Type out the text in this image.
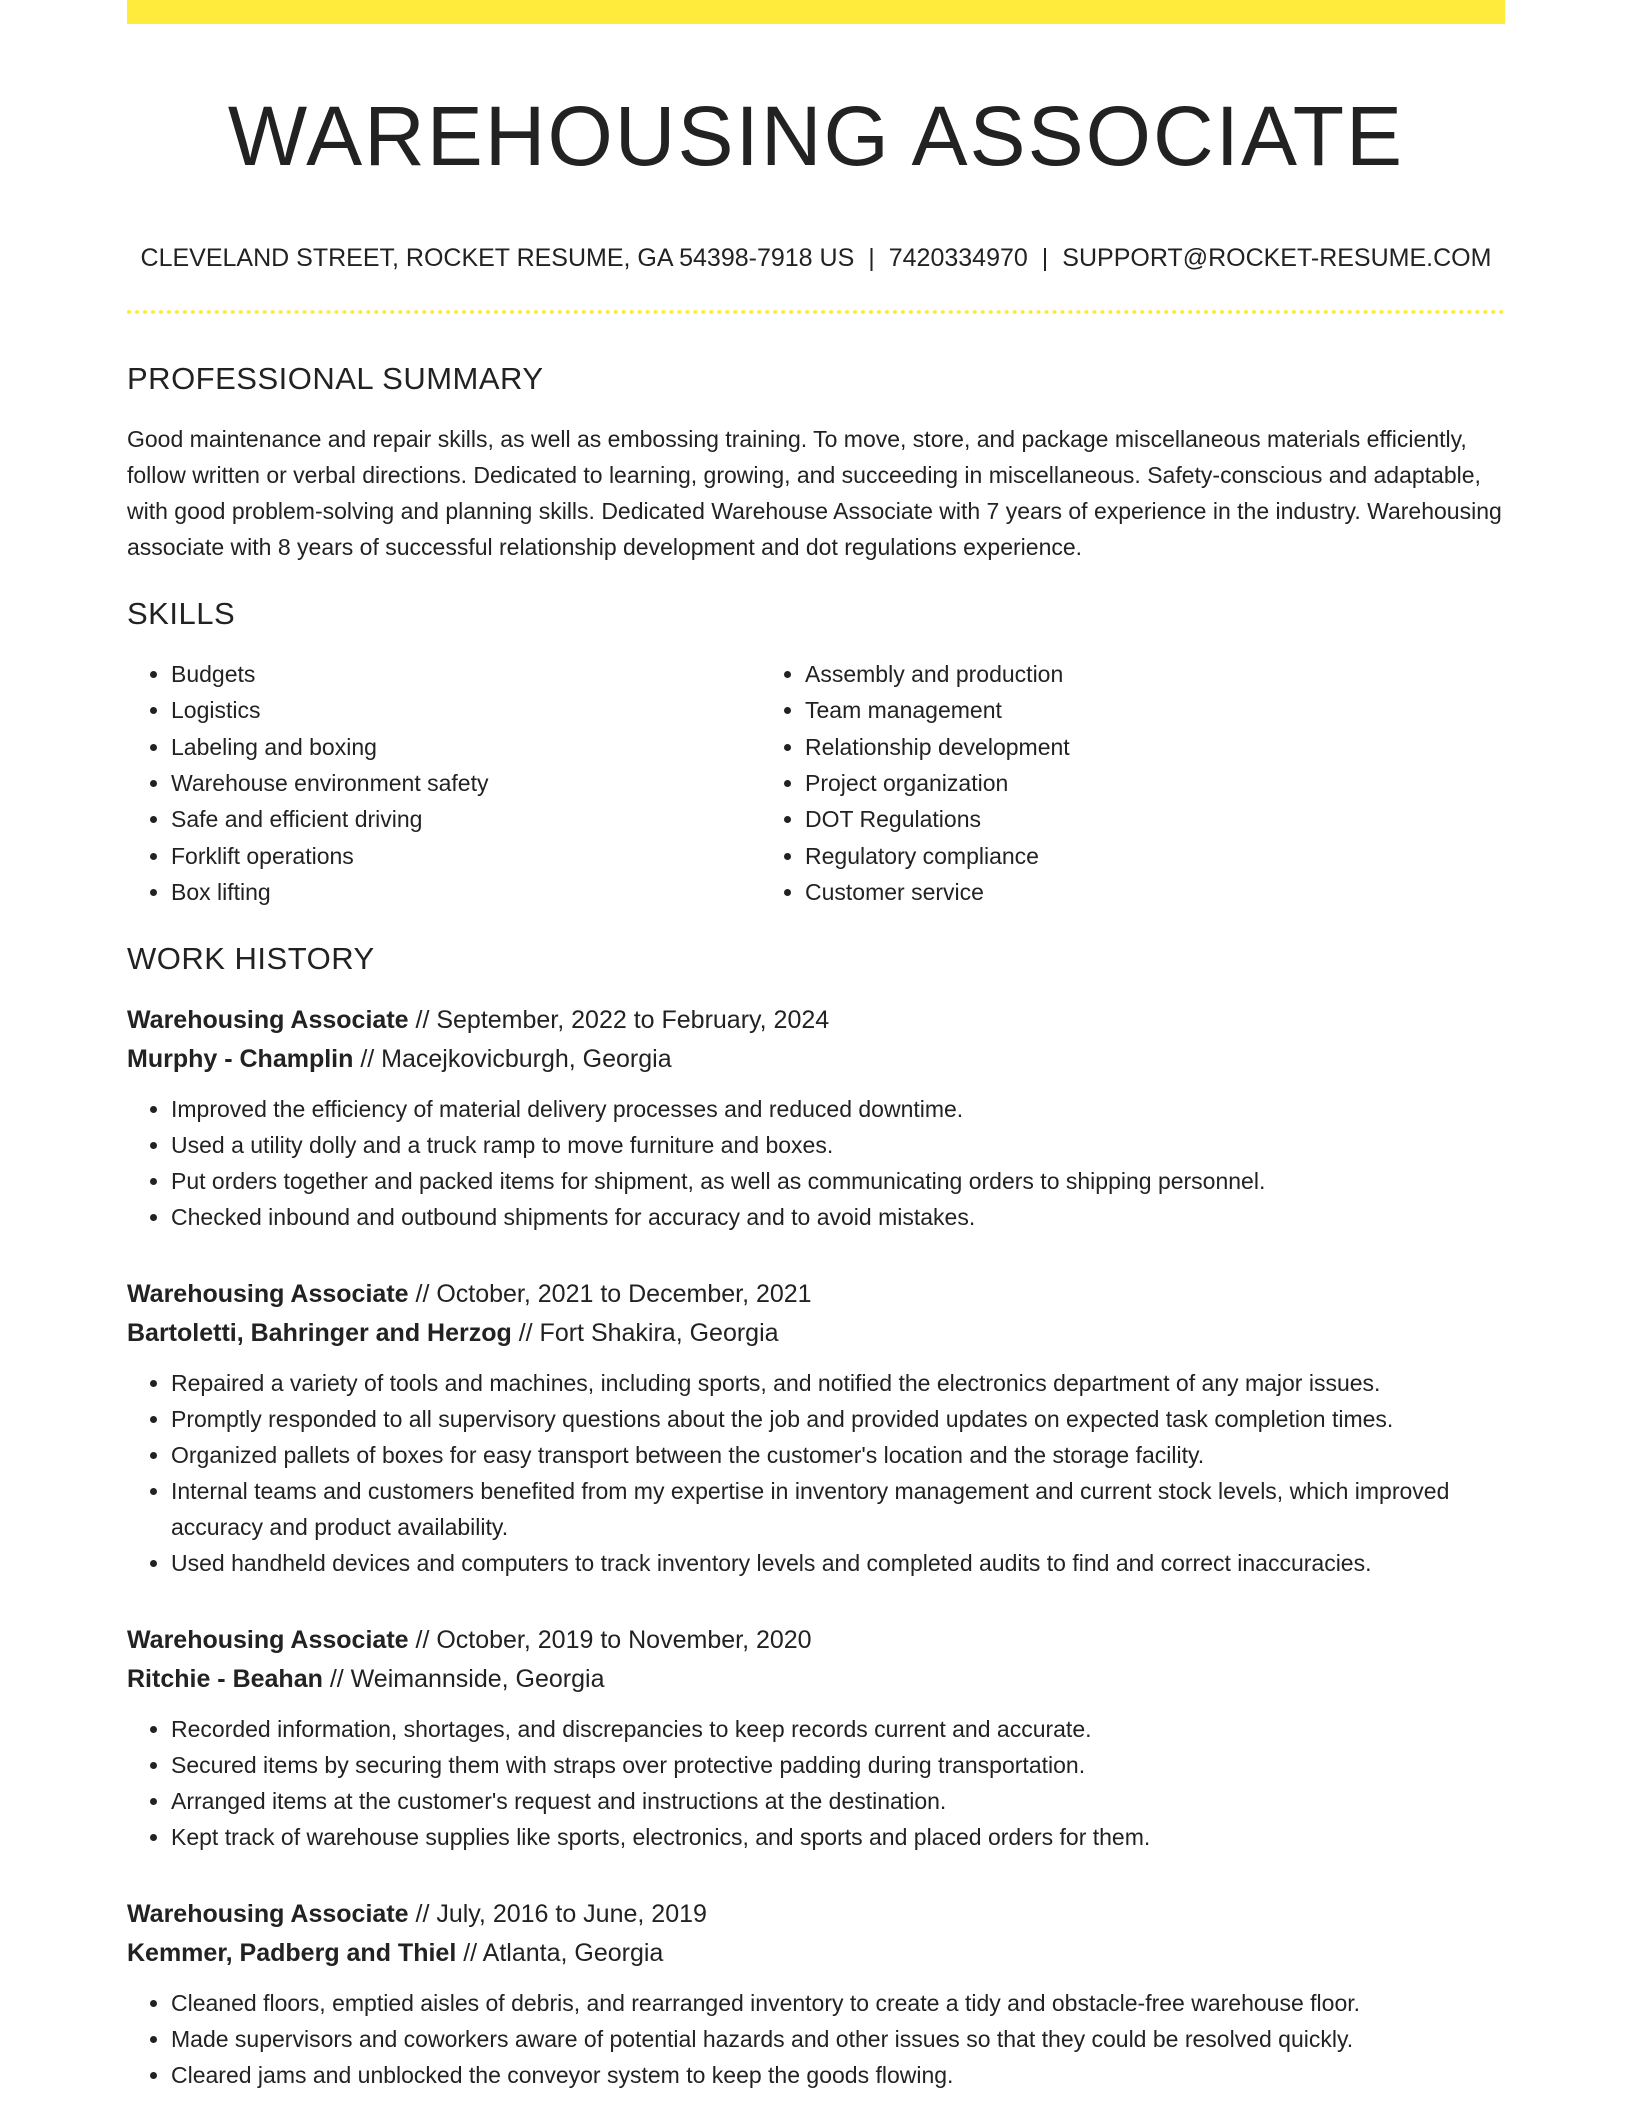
WAREHOUSING ASSOCIATE
CLEVELAND STREET, ROCKET RESUME, GA 54398-7918 US | 7420334970 | SUPPORT@ROCKET-RESUME.COM
PROFESSIONAL SUMMARY

Good maintenance and repair skills, as well as embossing training. To move, store, and package miscellaneous materials efficiently, follow written or verbal directions. Dedicated to learning, growing, and succeeding in miscellaneous. Safety-conscious and adaptable, with good problem-solving and planning skills. Dedicated Warehouse Associate with 7 years of experience in the industry. Warehousing associate with 8 years of successful relationship development and dot regulations experience.

SKILLS
• Budgets
• Logistics
• Labeling and boxing
• Warehouse environment safety
• Safe and efficient driving
• Forklift operations
• Box lifting
• Assembly and production
• Team management
• Relationship development
• Project organization
• DOT Regulations
• Regulatory compliance
• Customer service
WORK HISTORY
Warehousing Associate // September, 2022 to February, 2024
Murphy - Champlin // Macejkovicburgh, Georgia
• Improved the efficiency of material delivery processes and reduced downtime.
• Used a utility dolly and a truck ramp to move furniture and boxes.
• Put orders together and packed items for shipment, as well as communicating orders to shipping personnel.
• Checked inbound and outbound shipments for accuracy and to avoid mistakes.
Warehousing Associate // October, 2021 to December, 2021
Bartoletti, Bahringer and Herzog // Fort Shakira, Georgia
• Repaired a variety of tools and machines, including sports, and notified the electronics department of any major issues.
• Promptly responded to all supervisory questions about the job and provided updates on expected task completion times.
• Organized pallets of boxes for easy transport between the customer's location and the storage facility.
• Internal teams and customers benefited from my expertise in inventory management and current stock levels, which improved accuracy and product availability.
• Used handheld devices and computers to track inventory levels and completed audits to find and correct inaccuracies.
Warehousing Associate // October, 2019 to November, 2020
Ritchie - Beahan // Weimannside, Georgia
• Recorded information, shortages, and discrepancies to keep records current and accurate.
• Secured items by securing them with straps over protective padding during transportation.
• Arranged items at the customer's request and instructions at the destination.
• Kept track of warehouse supplies like sports, electronics, and sports and placed orders for them.
Warehousing Associate // July, 2016 to June, 2019
Kemmer, Padberg and Thiel // Atlanta, Georgia
• Cleaned floors, emptied aisles of debris, and rearranged inventory to create a tidy and obstacle-free warehouse floor.
• Made supervisors and coworkers aware of potential hazards and other issues so that they could be resolved quickly.
• Cleared jams and unblocked the conveyor system to keep the goods flowing.
